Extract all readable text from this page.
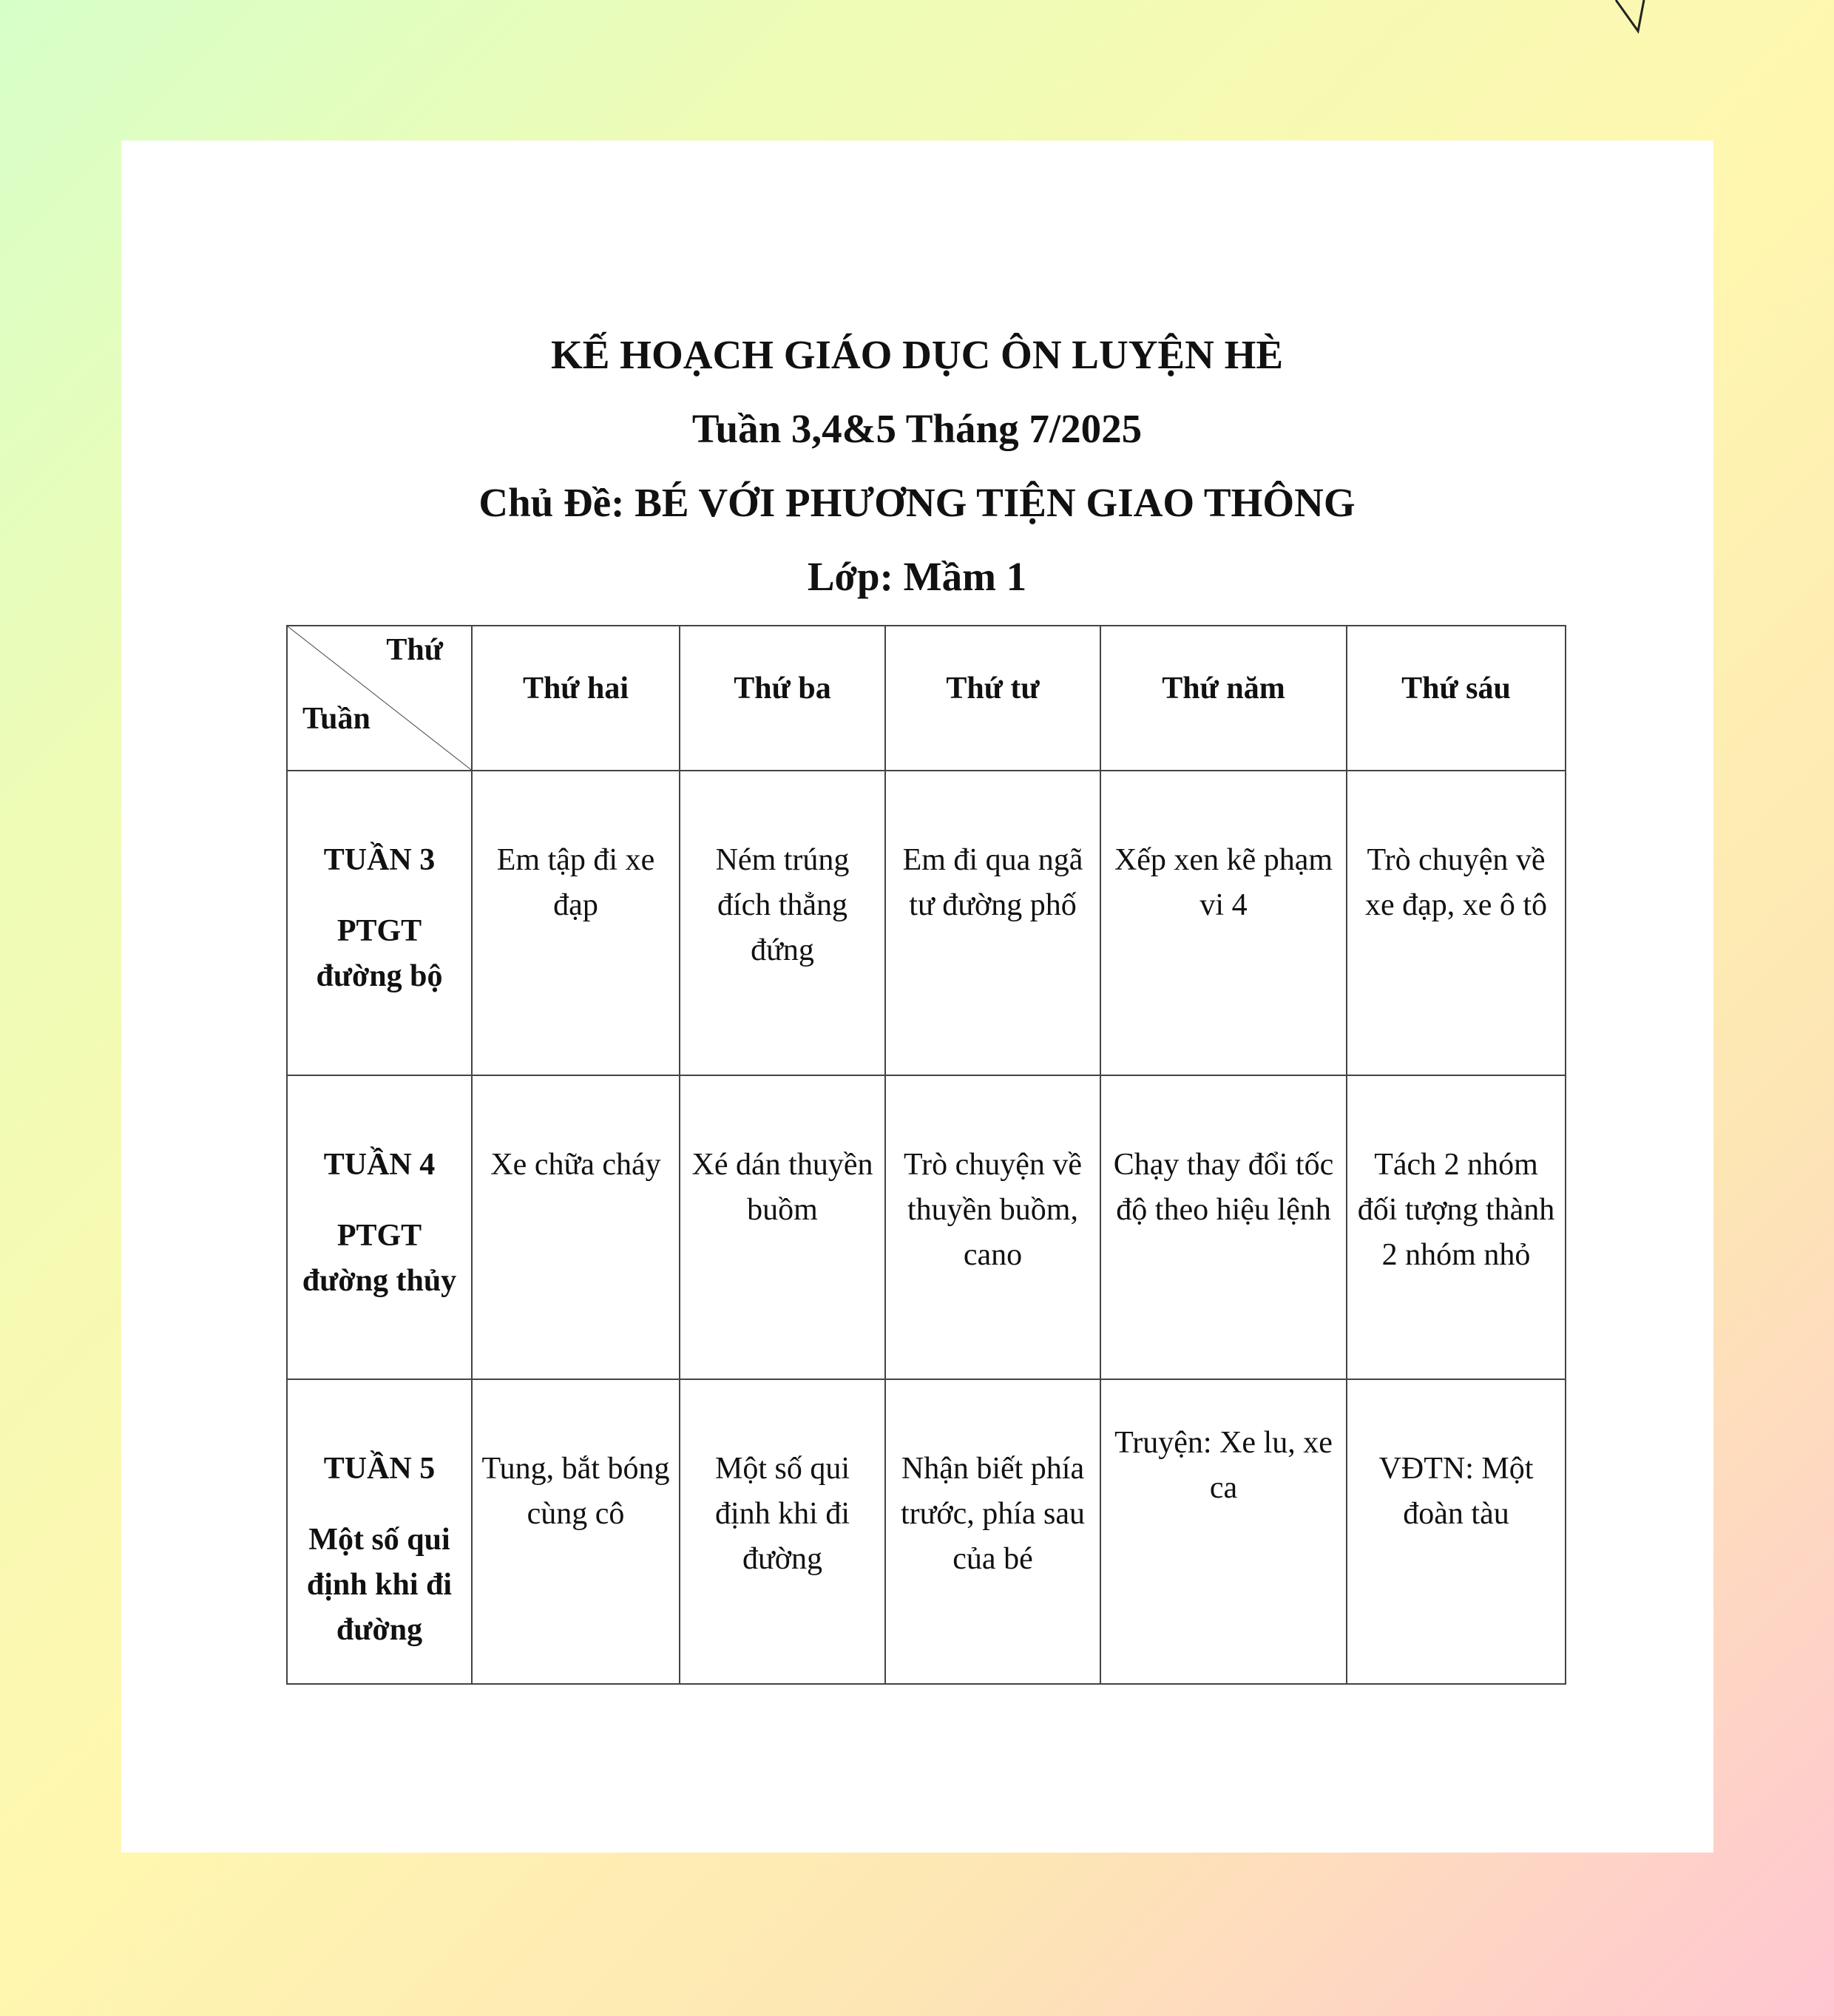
KẾ HOẠCH GIÁO DỤC ÔN LUYỆN HÈ
Tuần 3,4&5 Tháng 7/2025
Chủ Đề: BÉ VỚI PHƯƠNG TIỆN GIAO THÔNG
Lớp: Mầm 1
Thứ
Tuần	Thứ hai	Thứ ba	Thứ tư	Thứ năm	Thứ sáu

TUẦN 3
PTGT đường bộ	Em tập đi xe đạp	Ném trúng đích thẳng đứng	Em đi qua ngã tư đường phố	Xếp xen kẽ phạm vi 4	Trò chuyện về xe đạp, xe ô tô

TUẦN 4
PTGT đường thủy	Xe chữa cháy	Xé dán thuyền buồm	Trò chuyện về thuyền buồm, cano	Chạy thay đổi tốc độ theo hiệu lệnh	Tách 2 nhóm đối tượng thành 2 nhóm nhỏ

TUẦN 5
Một số qui định khi đi đường	Tung, bắt bóng cùng cô	Một số qui định khi đi đường	Nhận biết phía trước, phía sau của bé	Truyện: Xe lu, xe ca	VĐTN: Một đoàn tàu
